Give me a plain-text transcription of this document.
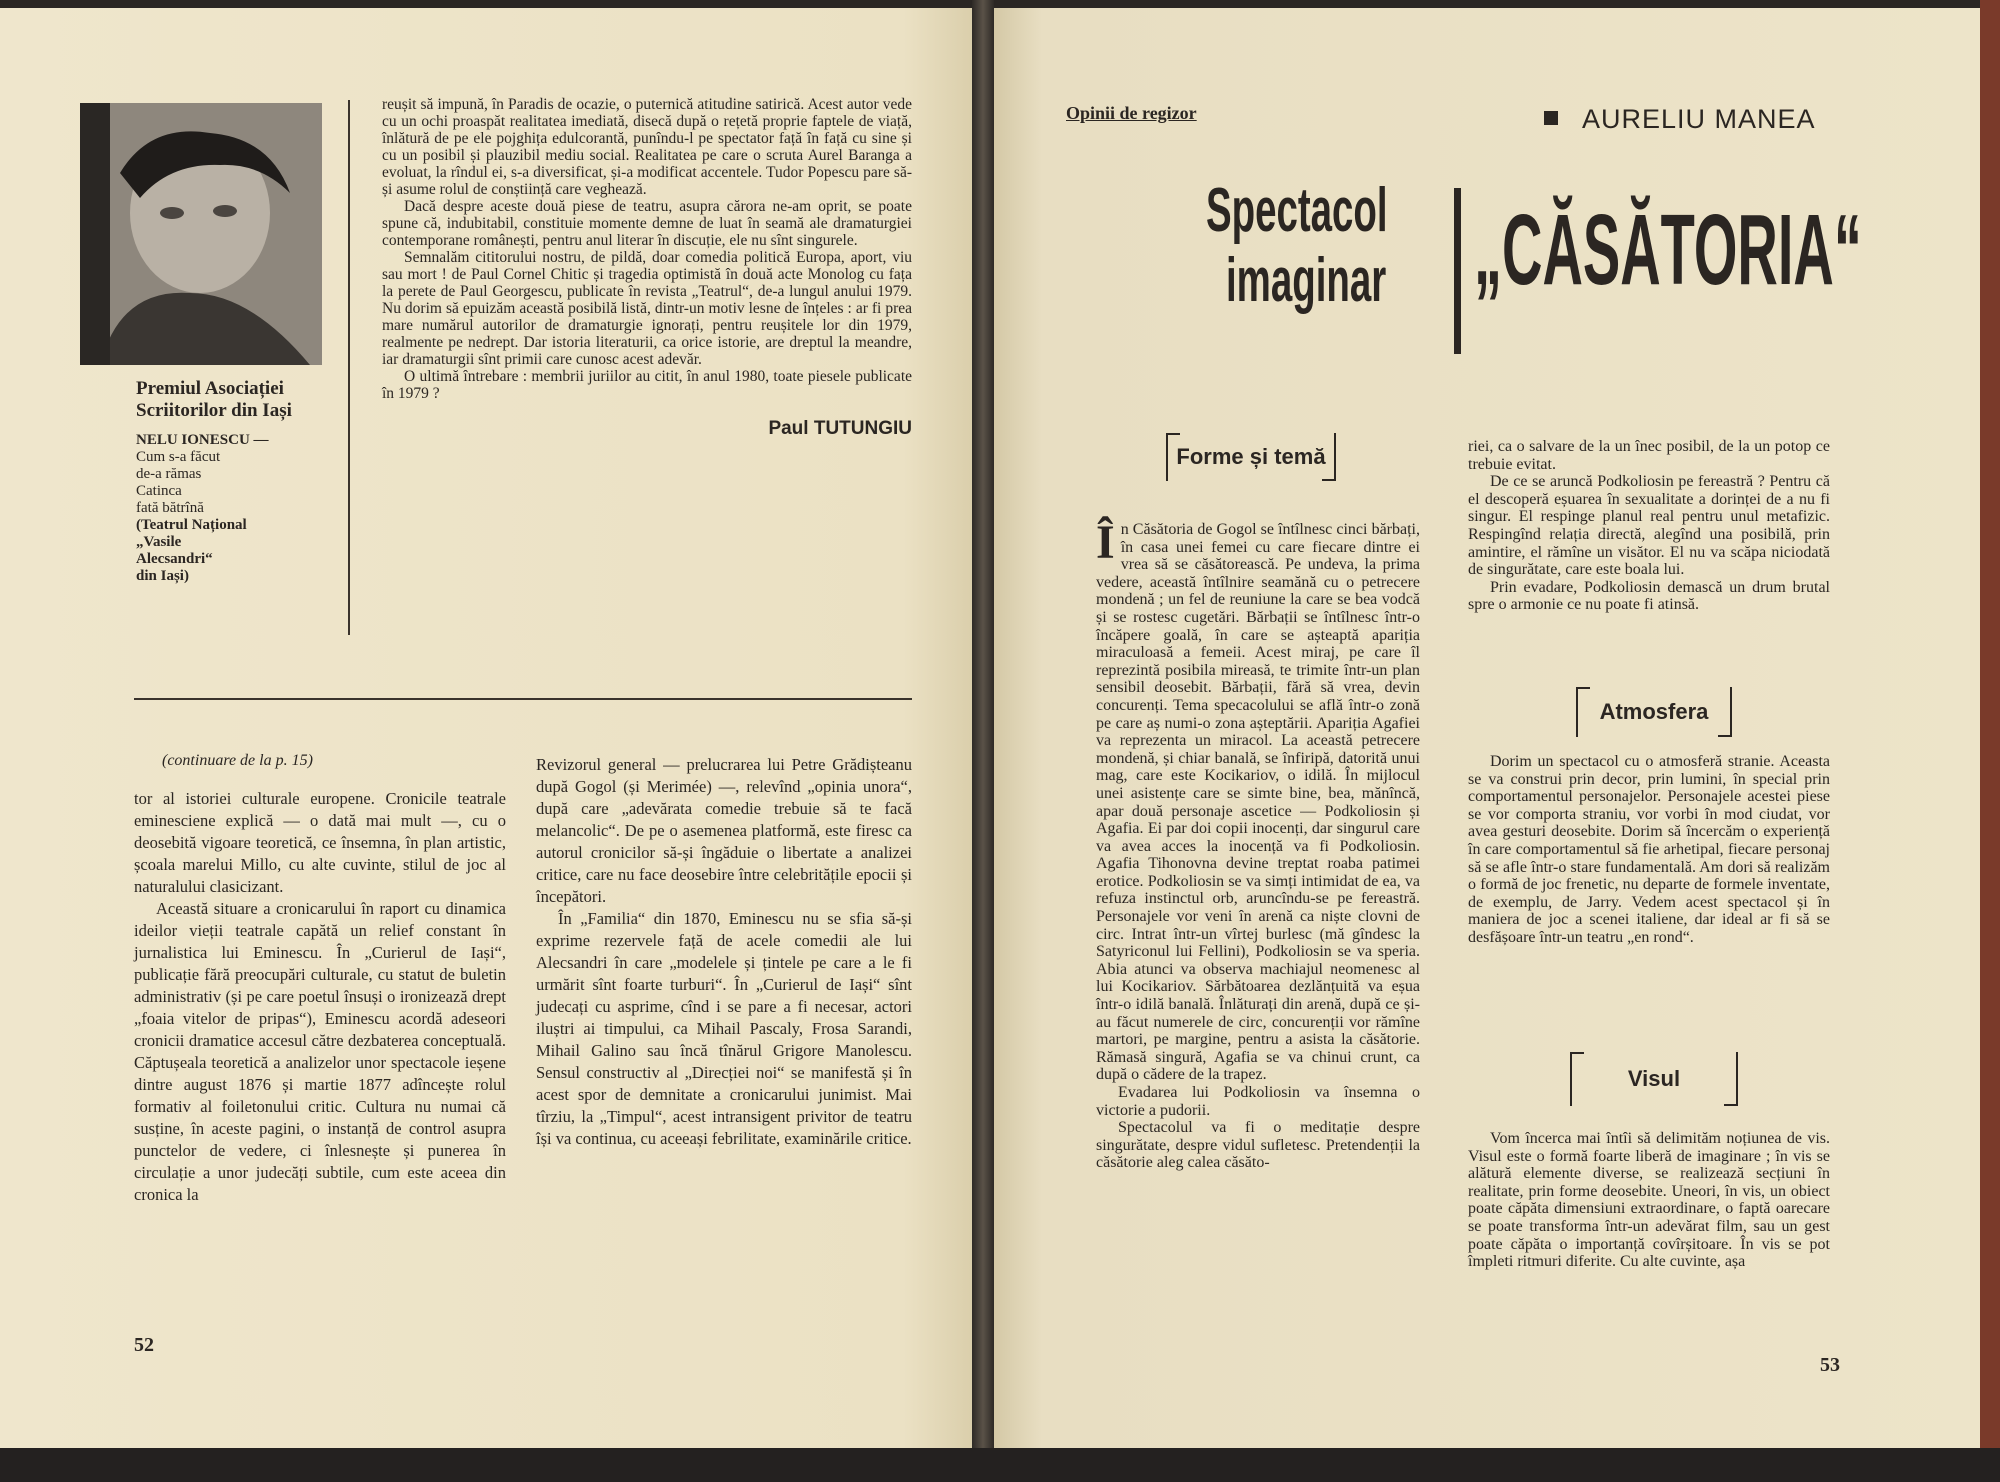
Premiul Asociației Scriitorilor din Iași
NELU IONESCU —
Cum s-a făcut
de-a rămas
Catinca
fată bătrînă
(Teatrul Național
„Vasile
Alecsandri“
din Iași)

reușit să impună, în Paradis de ocazie, o puternică atitudine satirică. Acest autor vede cu un ochi proaspăt realitatea imediată, disecă după o rețetă proprie faptele de viață, înlătură de pe ele pojghița edulcorantă, punîndu-l pe spectator față în față cu sine și cu un posibil și plauzibil mediu social. Realitatea pe care o scruta Aurel Baranga a evoluat, la rîndul ei, s-a diversificat, și-a modificat accentele. Tudor Popescu pare să-și asume rolul de conștiință care veghează.

Dacă despre aceste două piese de teatru, asupra cărora ne-am oprit, se poate spune că, indubitabil, constituie momente demne de luat în seamă ale dramaturgiei contemporane românești, pentru anul literar în discuție, ele nu sînt singurele.

Semnalăm cititorului nostru, de pildă, doar comedia politică Europa, aport, viu sau mort ! de Paul Cornel Chitic și tragedia optimistă în două acte Monolog cu fața la perete de Paul Georgescu, publicate în revista „Teatrul“, de-a lungul anului 1979. Nu dorim să epuizăm această posibilă listă, dintr-un motiv lesne de înțeles : ar fi prea mare numărul autorilor de dramaturgie ignorați, pentru reușitele lor din 1979, realmente pe nedrept. Dar istoria literaturii, ca orice istorie, are dreptul la meandre, iar dramaturgii sînt primii care cunosc acest adevăr.

O ultimă întrebare : membrii juriilor au citit, în anul 1980, toate piesele publicate în 1979 ?

Paul TUTUNGIU
(continuare de la p. 15)

tor al istoriei culturale europene. Cronicile teatrale eminesciene explică — o dată mai mult —, cu o deosebită vigoare teoretică, ce însemna, în plan artistic, școala marelui Millo, cu alte cuvinte, stilul de joc al naturalului clasicizant.

Această situare a cronicarului în raport cu dinamica ideilor vieții teatrale capătă un relief constant în jurnalistica lui Eminescu. În „Curierul de Iași“, publicație fără preocupări culturale, cu statut de buletin administrativ (și pe care poetul însuși o ironizează drept „foaia vitelor de pripas“), Eminescu acordă adeseori cronicii dramatice accesul către dezbaterea conceptuală. Căptușeala teoretică a analizelor unor spectacole ieșene dintre august 1876 și martie 1877 adîncește rolul formativ al foiletonului critic. Cultura nu numai că susține, în aceste pagini, o instanță de control asupra punctelor de vedere, ci înlesnește și punerea în circulație a unor judecăți subtile, cum este aceea din cronica la

Revizorul general — prelucrarea lui Petre Grădișteanu după Gogol (și Merimée) —, relevînd „opinia unora“, după care „adevărata comedie trebuie să te facă melancolic“. De pe o asemenea platformă, este firesc ca autorul cronicilor să-și îngăduie o libertate a analizei critice, care nu face deosebire între celebritățile epocii și începători.

În „Familia“ din 1870, Eminescu nu se sfia să-și exprime rezervele față de acele comedii ale lui Alecsandri în care „modelele și țintele pe care a le fi urmărit sînt foarte turburi“. În „Curierul de Iași“ sînt judecați cu asprime, cînd i se pare a fi necesar, actori iluștri ai timpului, ca Mihail Pascaly, Frosa Sarandi, Mihail Galino sau încă tînărul Grigore Manolescu. Sensul constructiv al „Direcției noi“ se manifestă și în acest spor de demnitate a cronicarului junimist. Mai tîrziu, la „Timpul“, acest intransigent privitor de teatru își va continua, cu aceeași febrilitate, examinările critice.

52
Opinii de regizor	AURELIU MANEA
Spectacol
imaginar „CĂSĂTORIA“
Forme și temă
Î n Căsătoria de Gogol se întîlnesc cinci bărbați, în casa unei femei cu care fiecare dintre ei vrea să se căsătorească. Pe undeva, la prima vedere, această întîlnire seamănă cu o petrecere mondenă ; un fel de reuniune la care se bea vodcă și se rostesc cugetări. Bărbații se întîlnesc într-o încăpere goală, în care se așteaptă apariția miraculoasă a femeii. Acest miraj, pe care îl reprezintă posibila mireasă, te trimite într-un plan sensibil deosebit. Bărbații, fără să vrea, devin concurenți. Tema specacolului se află într-o zonă pe care aș numi-o zona așteptării. Apariția Agafiei va reprezenta un miracol. La această petrecere mondenă, și chiar banală, se înfiripă, datorită unui mag, care este Kocikariov, o idilă. În mijlocul unei asistențe care se simte bine, bea, mănîncă, apar două personaje ascetice — Podkoliosin și Agafia. Ei par doi copii inocenți, dar singurul care va avea acces la inocență va fi Podkoliosin. Agafia Tihonovna devine treptat roaba patimei erotice. Podkoliosin se va simți intimidat de ea, va refuza instinctul orb, aruncîndu-se pe fereastră. Personajele vor veni în arenă ca niște clovni de circ. Intrat într-un vîrtej burlesc (mă gîndesc la Satyriconul lui Fellini), Podkoliosin se va speria. Abia atunci va observa machiajul neomenesc al lui Kocikariov. Sărbătoarea dezlănțuită va eșua într-o idilă banală. Înlăturați din arenă, după ce și-au făcut numerele de circ, concurenții vor rămîne martori, pe margine, pentru a asista la căsătorie. Rămasă singură, Agafia se va chinui crunt, ca după o cădere de la trapez.

Evadarea lui Podkoliosin va însemna o victorie a pudorii.

Spectacolul va fi o meditație despre singurătate, despre vidul sufletesc. Pretendenții la căsătorie aleg calea căsăto-

riei, ca o salvare de la un înec posibil, de la un potop ce trebuie evitat.

De ce se aruncă Podkoliosin pe fereastră ? Pentru că el descoperă eșuarea în sexualitate a dorinței de a nu fi singur. El respinge planul real pentru unul metafizic. Respingînd relația directă, alegînd una posibilă, prin amintire, el rămîne un visător. El nu va scăpa niciodată de singurătate, care este boala lui.

Prin evadare, Podkoliosin demască un drum brutal spre o armonie ce nu poate fi atinsă.

Atmosfera

Dorim un spectacol cu o atmosferă stranie. Aceasta se va construi prin decor, prin lumini, în special prin comportamentul personajelor. Personajele acestei piese se vor comporta straniu, vor vorbi în mod ciudat, vor avea gesturi deosebite. Dorim să încercăm o experiență în care comportamentul să fie arhetipal, fiecare personaj să se afle într-o stare fundamentală. Am dori să realizăm o formă de joc frenetic, nu departe de formele inventate, de exemplu, de Jarry. Vedem acest spectacol și în maniera de joc a scenei italiene, dar ideal ar fi să se desfășoare într-un teatru „en rond“.

Visul

Vom încerca mai întîi să delimităm noțiunea de vis. Visul este o formă foarte liberă de imaginare ; în vis se alătură elemente diverse, se realizează secțiuni în realitate, prin forme deosebite. Uneori, în vis, un obiect poate căpăta dimensiuni extraordinare, o faptă oarecare se poate transforma într-un adevărat film, sau un gest poate căpăta o importanță covîrșitoare. În vis se pot împleti ritmuri diferite. Cu alte cuvinte, așa

53
